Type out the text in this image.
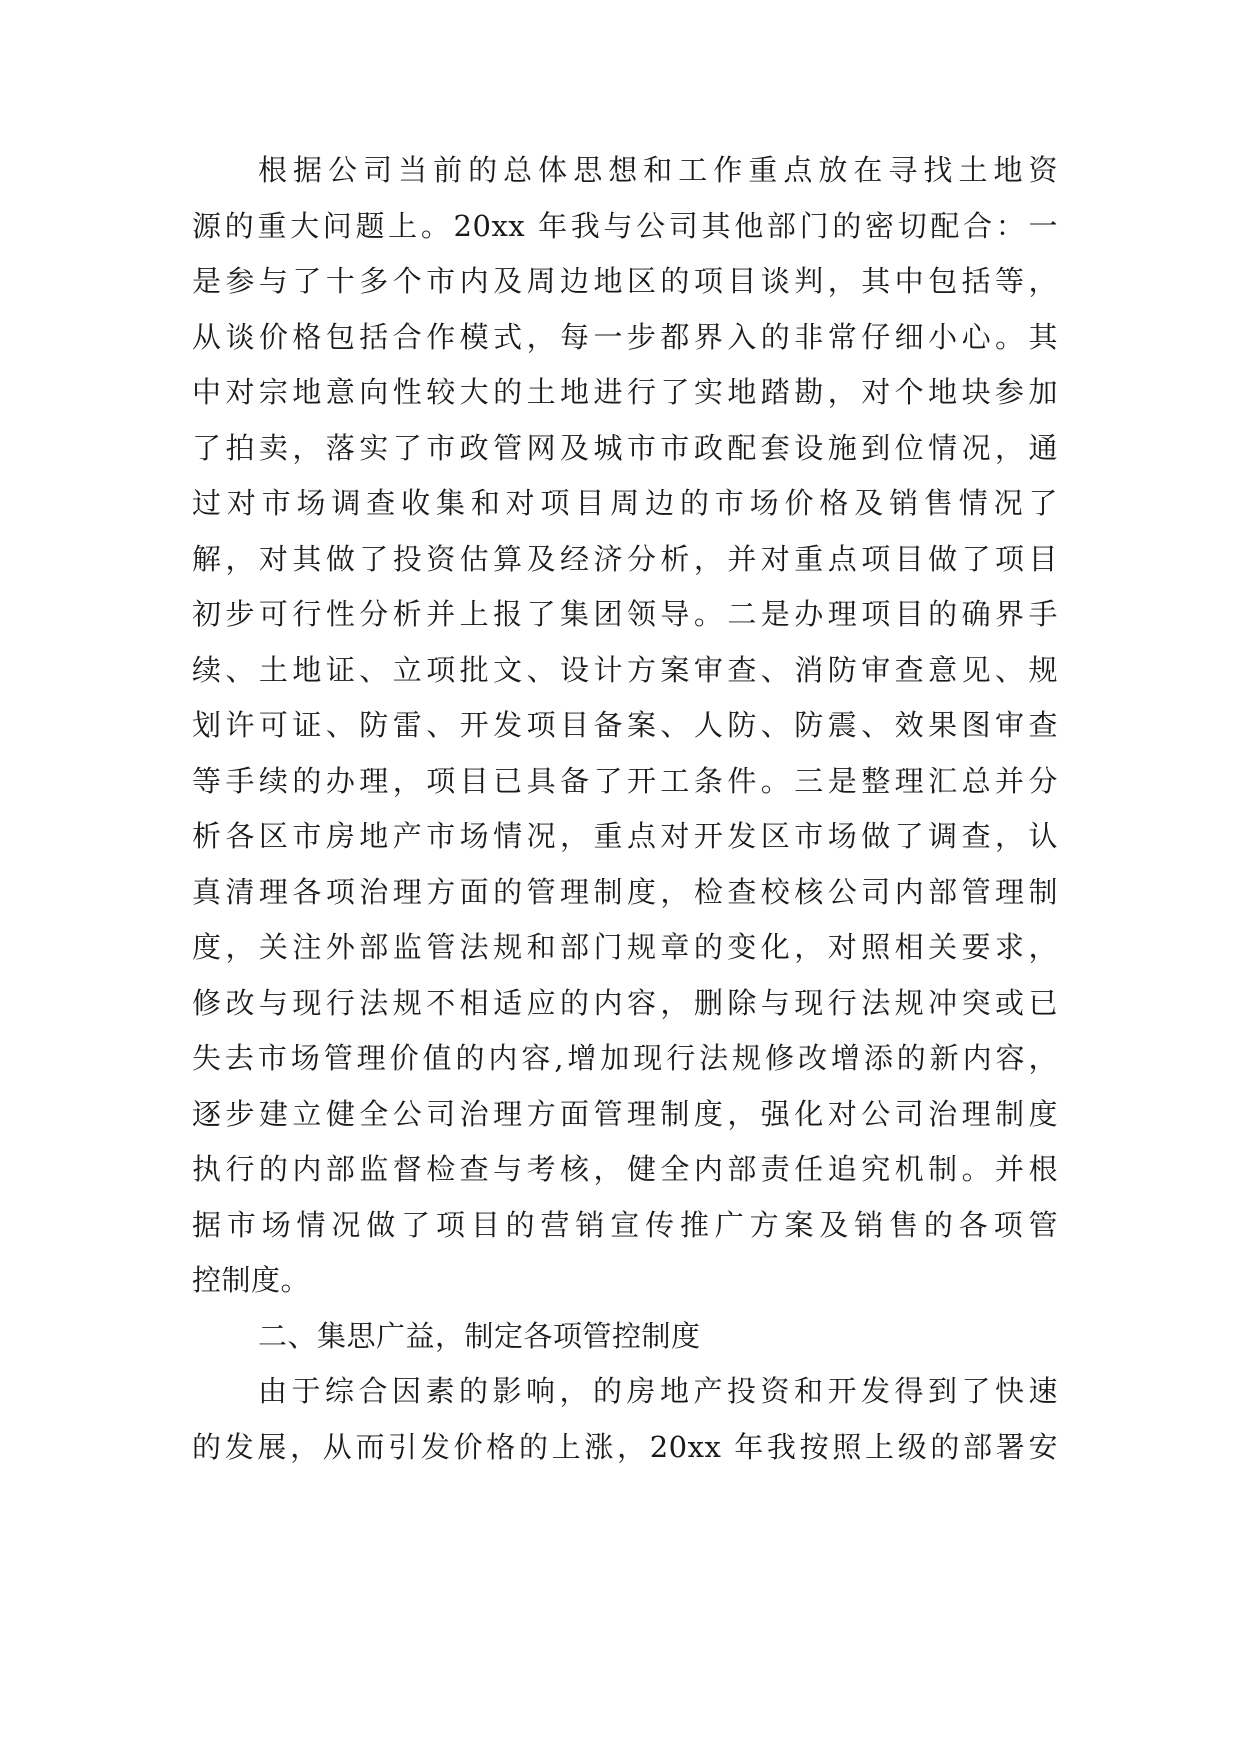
根据公司当前的总体思想和工作重点放在寻找土地资
源的重大问题上。20xx 年我与公司其他部门的密切配合：一
是参与了十多个市内及周边地区的项目谈判，其中包括等，
从谈价格包括合作模式，每一步都界入的非常仔细小心。其
中对宗地意向性较大的土地进行了实地踏勘，对个地块参加
了拍卖，落实了市政管网及城市市政配套设施到位情况，通
过对市场调查收集和对项目周边的市场价格及销售情况了
解，对其做了投资估算及经济分析，并对重点项目做了项目
初步可行性分析并上报了集团领导。二是办理项目的确界手
续、土地证、立项批文、设计方案审查、消防审查意见、规
划许可证、防雷、开发项目备案、人防、防震、效果图审查
等手续的办理，项目已具备了开工条件。三是整理汇总并分
析各区市房地产市场情况，重点对开发区市场做了调查，认
真清理各项治理方面的管理制度，检查校核公司内部管理制
度，关注外部监管法规和部门规章的变化，对照相关要求，
修改与现行法规不相适应的内容，删除与现行法规冲突或已
失去市场管理价值的内容,增加现行法规修改增添的新内容，
逐步建立健全公司治理方面管理制度，强化对公司治理制度
执行的内部监督检查与考核，健全内部责任追究机制。并根
据市场情况做了项目的营销宣传推广方案及销售的各项管
控制度。
二、集思广益，制定各项管控制度
由于综合因素的影响，的房地产投资和开发得到了快速
的发展，从而引发价格的上涨，20xx 年我按照上级的部署安
